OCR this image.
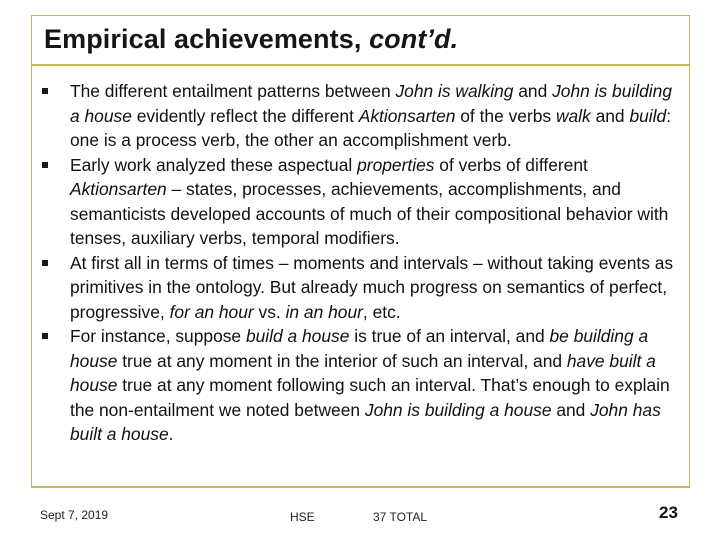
Empirical achievements, cont’d.
The different entailment patterns between John is walking and John is building a house evidently reflect the different Aktionsarten of the verbs walk and build: one is a process verb, the other an accomplishment verb.
Early work analyzed these aspectual properties of verbs of different Aktionsarten – states, processes, achievements, accomplishments, and semanticists developed accounts of much of their compositional behavior with tenses, auxiliary verbs, temporal modifiers.
At first all in terms of times – moments and intervals – without taking events as primitives in the ontology. But already much progress on semantics of perfect, progressive, for an hour vs. in an hour, etc.
For instance, suppose build a house is true of an interval, and be building a house true at any moment in the interior of such an interval, and have built a house true at any moment following such an interval. That’s enough to explain the non-entailment we noted between John is building a house and John has built a house.
Sept 7, 2019	HSE	37 TOTAL	23
